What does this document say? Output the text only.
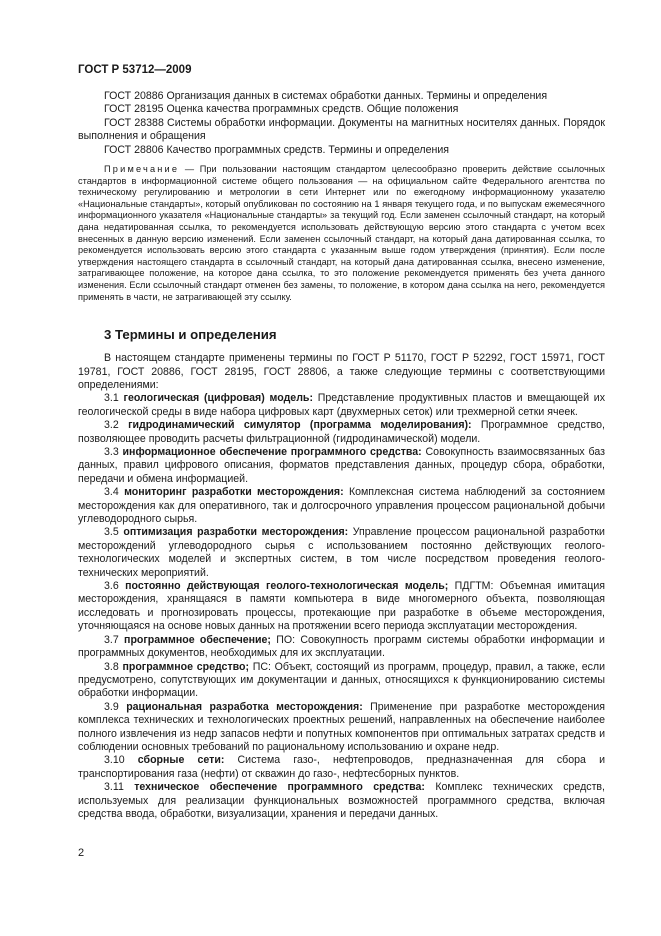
ГОСТ Р 53712—2009

ГОСТ 20886 Организация данных в системах обработки данных. Термины и определения

ГОСТ 28195 Оценка качества программных средств. Общие положения

ГОСТ 28388 Системы обработки информации. Документы на магнитных носителях данных. Порядок выполнения и обращения

ГОСТ 28806 Качество программных средств. Термины и определения

Примечание — При пользовании настоящим стандартом целесообразно проверить действие ссылочных стандартов в информационной системе общего пользования — на официальном сайте Федерального агентства по техническому регулированию и метрологии в сети Интернет или по ежегодному информационному указателю «Национальные стандарты», который опубликован по состоянию на 1 января текущего года, и по выпускам ежемесячного информационного указателя «Национальные стандарты» за текущий год. Если заменен ссылочный стандарт, на который дана недатированная ссылка, то рекомендуется использовать действующую версию этого стандарта с учетом всех внесенных в данную версию изменений. Если заменен ссылочный стандарт, на который дана датированная ссылка, то рекомендуется использовать версию этого стандарта с указанным выше годом утверждения (принятия). Если после утверждения настоящего стандарта в ссылочный стандарт, на который дана датированная ссылка, внесено изменение, затрагивающее положение, на которое дана ссылка, то это положение рекомендуется применять без учета данного изменения. Если ссылочный стандарт отменен без замены, то положение, в котором дана ссылка на него, рекомендуется применять в части, не затрагивающей эту ссылку.

3 Термины и определения

В настоящем стандарте применены термины по ГОСТ Р 51170, ГОСТ Р 52292, ГОСТ 15971, ГОСТ 19781, ГОСТ 20886, ГОСТ 28195, ГОСТ 28806, а также следующие термины с соответствующими определениями:

3.1 геологическая (цифровая) модель: Представление продуктивных пластов и вмещающей их геологической среды в виде набора цифровых карт (двухмерных сеток) или трехмерной сетки ячеек.

3.2 гидродинамический симулятор (программа моделирования): Программное средство, позволяющее проводить расчеты фильтрационной (гидродинамической) модели.

3.3 информационное обеспечение программного средства: Совокупность взаимосвязанных баз данных, правил цифрового описания, форматов представления данных, процедур сбора, обработки, передачи и обмена информацией.

3.4 мониторинг разработки месторождения: Комплексная система наблюдений за состоянием месторождения как для оперативного, так и долгосрочного управления процессом рациональной добычи углеводородного сырья.

3.5 оптимизация разработки месторождения: Управление процессом рациональной разработки месторождений углеводородного сырья с использованием постоянно действующих геолого-технологических моделей и экспертных систем, в том числе посредством проведения геолого-технических мероприятий.

3.6 постоянно действующая геолого-технологическая модель; ПДГТМ: Объемная имитация месторождения, хранящаяся в памяти компьютера в виде многомерного объекта, позволяющая исследовать и прогнозировать процессы, протекающие при разработке в объеме месторождения, уточняющаяся на основе новых данных на протяжении всего периода эксплуатации месторождения.

3.7 программное обеспечение; ПО: Совокупность программ системы обработки информации и программных документов, необходимых для их эксплуатации.

3.8 программное средство; ПС: Объект, состоящий из программ, процедур, правил, а также, если предусмотрено, сопутствующих им документации и данных, относящихся к функционированию системы обработки информации.

3.9 рациональная разработка месторождения: Применение при разработке месторождения комплекса технических и технологических проектных решений, направленных на обеспечение наиболее полного извлечения из недр запасов нефти и попутных компонентов при оптимальных затратах средств и соблюдении основных требований по рациональному использованию и охране недр.

3.10 сборные сети: Система газо-, нефтепроводов, предназначенная для сбора и транспортирования газа (нефти) от скважин до газо-, нефтесборных пунктов.

3.11 техническое обеспечение программного средства: Комплекс технических средств, используемых для реализации функциональных возможностей программного средства, включая средства ввода, обработки, визуализации, хранения и передачи данных.

2
